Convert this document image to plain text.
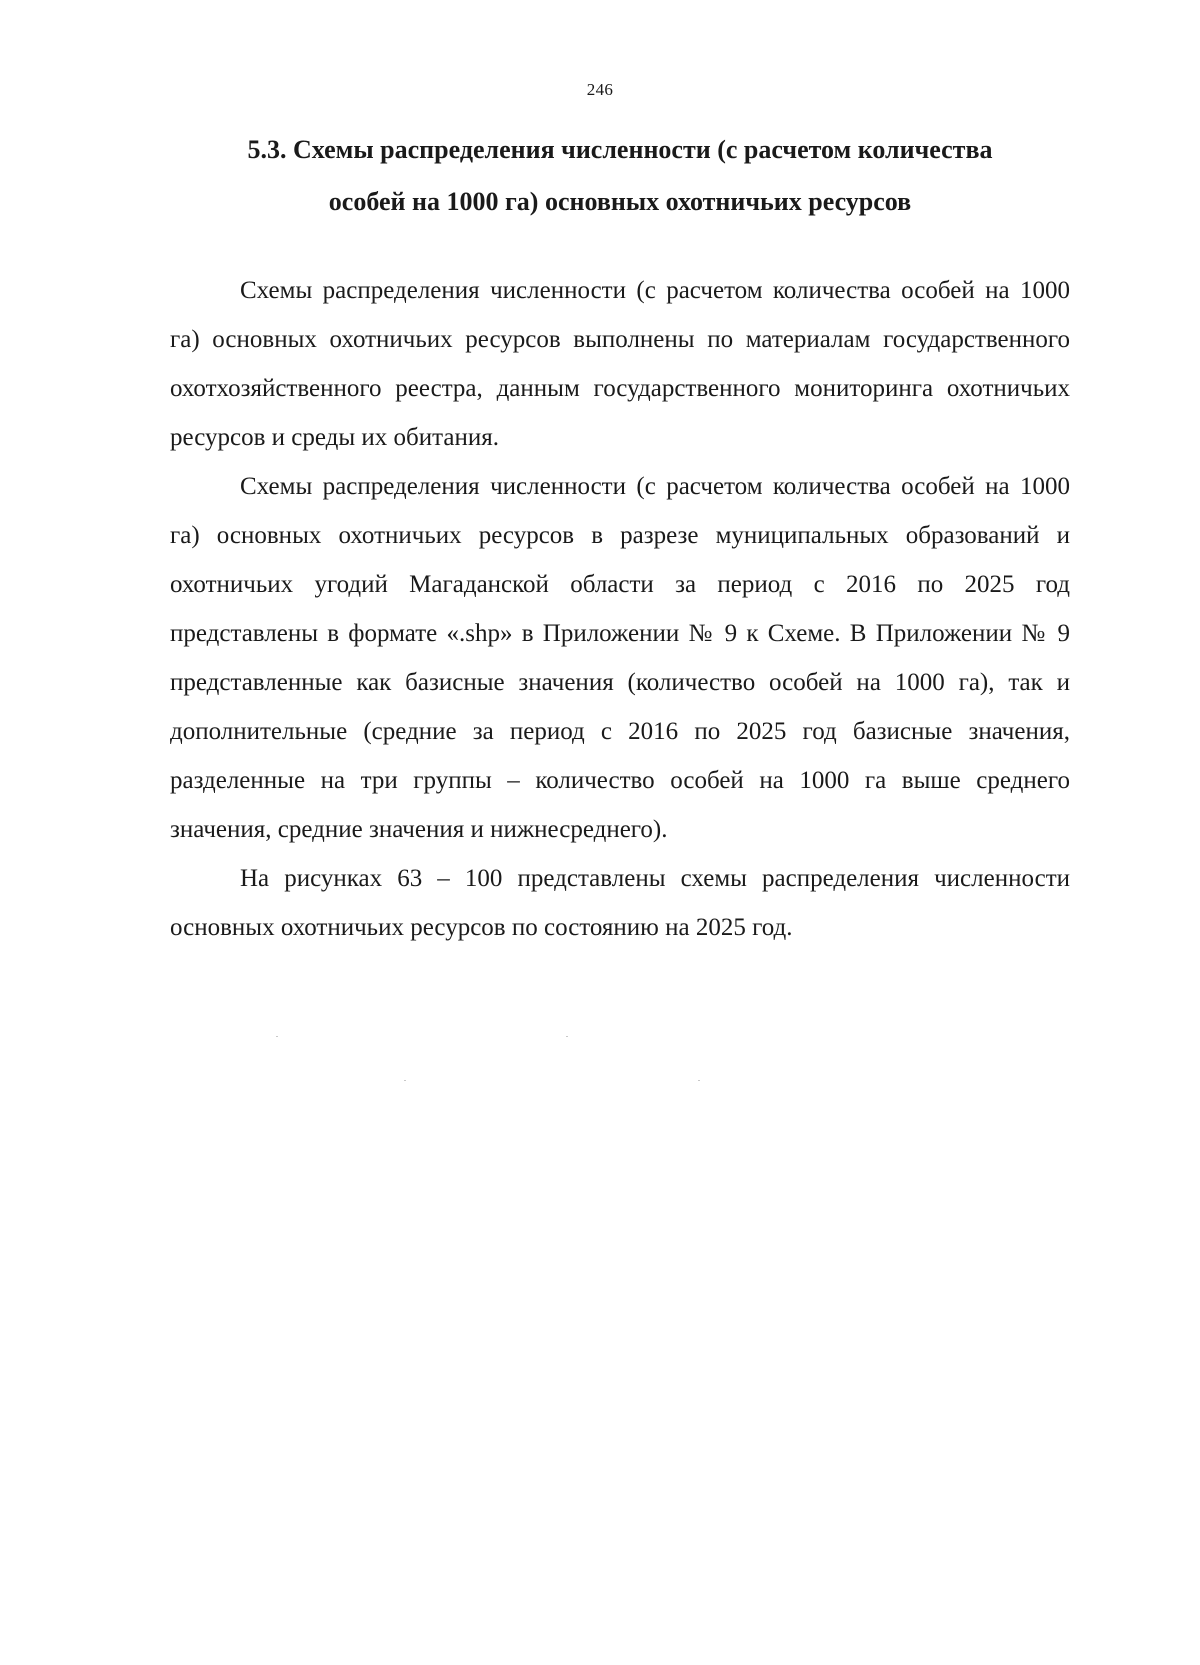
246
5.3. Схемы распределения численности (с расчетом количества
особей на 1000 га) основных охотничьих ресурсов

Схемы распределения численности (с расчетом количества особей на 1000 га) основных охотничьих ресурсов выполнены по материалам государственного охотхозяйственного реестра, данным государственного мониторинга охотничьих ресурсов и среды их обитания.

Схемы распределения численности (с расчетом количества особей на 1000 га) основных охотничьих ресурсов в разрезе муниципальных образований и охотничьих угодий Магаданской области за период с 2016 по 2025 год представлены в формате «.shp» в Приложении № 9 к Схеме. В Приложении № 9 представленные как базисные значения (количество особей на 1000 га), так и дополнительные (средние за период с 2016 по 2025 год базисные значения, разделенные на три группы – количество особей на 1000 га выше среднего значения, средние значения и нижнесреднего).

На рисунках 63 – 100 представлены схемы распределения численности основных охотничьих ресурсов по состоянию на 2025 год.
